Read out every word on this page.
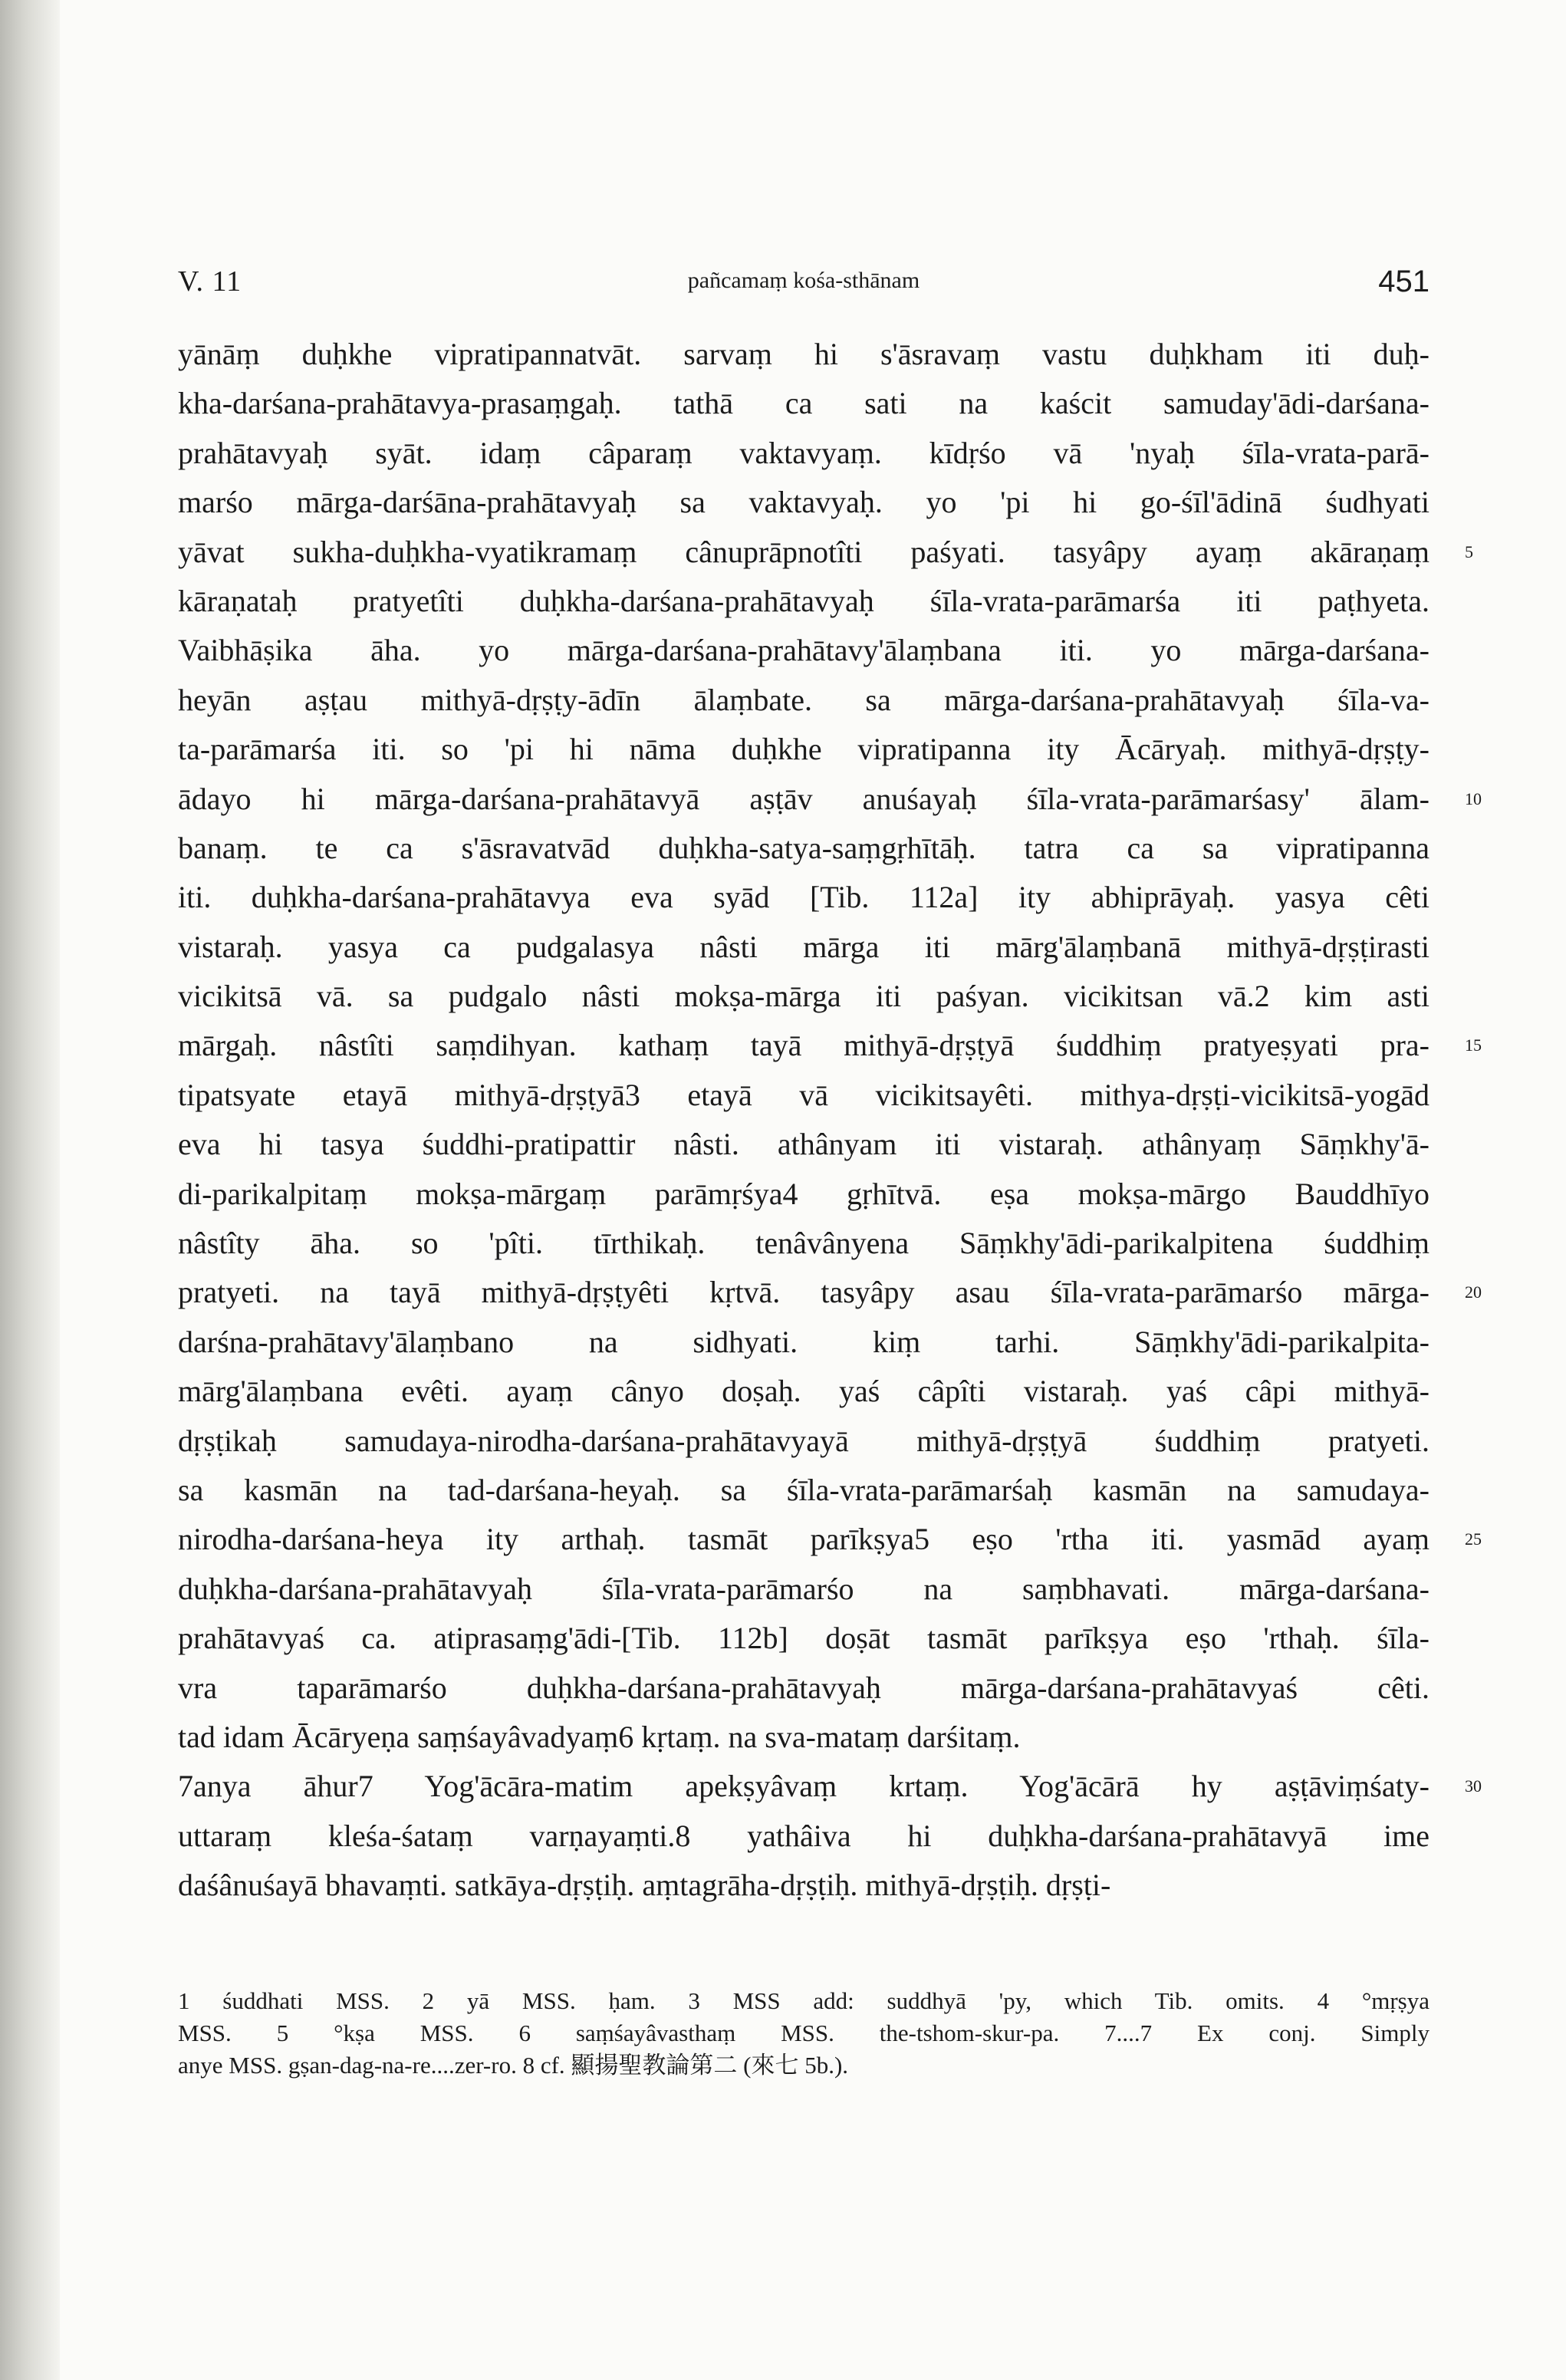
V. 11	pañcamaṃ kośa-sthānam	451
yānāṃ duḥkhe vipratipannatvāt. sarvaṃ hi s'āsravaṃ vastu duḥkham iti duḥ-
kha-darśana-prahātavya-prasaṃgaḥ. tathā ca sati na kaścit samuday'ādi-darśana-
prahātavyaḥ syāt. idaṃ câparaṃ vaktavyaṃ. kīdṛśo vā 'nyaḥ śīla-vrata-parā-
marśo mārga-darśāna-prahātavyaḥ sa vaktavyaḥ. yo 'pi hi go-śīl'ādinā śudhyati
yāvat sukha-duḥkha-vyatikramaṃ cânuprāpnotîti paśyati. tasyâpy ayaṃ akāraṇaṃ 5
kāraṇataḥ pratyetîti duḥkha-darśana-prahātavyaḥ śīla-vrata-parāmarśa iti paṭhyeta.
Vaibhāṣika āha. yo mārga-darśana-prahātavy'ālaṃbana iti. yo mārga-darśana-
heyān aṣṭau mithyā-dṛṣṭy-ādīn ālaṃbate. sa mārga-darśana-prahātavyaḥ śīla-va-
ta-parāmarśa iti. so 'pi hi nāma duḥkhe vipratipanna ity Ācāryaḥ. mithyā-dṛṣṭy-
ādayo hi mārga-darśana-prahātavyā aṣṭāv anuśayaḥ śīla-vrata-parāmarśasy' ālam- 10
banaṃ. te ca s'āsravatvād duḥkha-satya-saṃgṛhītāḥ. tatra ca sa vipratipanna
iti. duḥkha-darśana-prahātavya eva syād [Tib. 112a] ity abhiprāyaḥ. yasya cêti
vistaraḥ. yasya ca pudgalasya nâsti mārga iti mārg'ālaṃbanā mithyā-dṛṣṭirasti
vicikitsā vā. sa pudgalo nâsti mokṣa-mārga iti paśyan. vicikitsan vā.2 kim asti
mārgaḥ. nâstîti saṃdihyan. kathaṃ tayā mithyā-dṛṣṭyā śuddhiṃ pratyeṣyati pra- 15
tipatsyate etayā mithyā-dṛṣṭyā3 etayā vā vicikitsayêti. mithya-dṛṣṭi-vicikitsā-yogād
eva hi tasya śuddhi-pratipattir nâsti. athânyam iti vistaraḥ. athânyaṃ Sāṃkhy'ā-
di-parikalpitaṃ mokṣa-mārgaṃ parāmṛśya4 gṛhītvā. eṣa mokṣa-mārgo Bauddhīyo
nâstîty āha. so 'pîti. tīrthikaḥ. tenâvânyena Sāṃkhy'ādi-parikalpitena śuddhiṃ
pratyeti. na tayā mithyā-dṛṣṭyêti kṛtvā. tasyâpy asau śīla-vrata-parāmarśo mārga- 20
darśna-prahātavy'ālaṃbano na sidhyati. kiṃ tarhi. Sāṃkhy'ādi-parikalpita-
mārg'ālaṃbana evêti. ayaṃ cânyo doṣaḥ. yaś câpîti vistaraḥ. yaś câpi mithyā-
dṛṣṭikaḥ samudaya-nirodha-darśana-prahātavyayā mithyā-dṛṣṭyā śuddhiṃ pratyeti.
sa kasmān na tad-darśana-heyaḥ. sa śīla-vrata-parāmarśaḥ kasmān na samudaya-
nirodha-darśana-heya ity arthaḥ. tasmāt parīkṣya5 eṣo 'rtha iti. yasmād ayaṃ 25
duḥkha-darśana-prahātavyaḥ śīla-vrata-parāmarśo na saṃbhavati. mārga-darśana-
prahātavyaś ca. atiprasaṃg'ādi-[Tib. 112b] doṣāt tasmāt parīkṣya eṣo 'rthaḥ. śīla-
vra taparāmarśo duḥkha-darśana-prahātavyaḥ mārga-darśana-prahātavyaś cêti.
tad idam Ācāryeṇa saṃśayâvadyaṃ6 kṛtaṃ. na sva-mataṃ darśitaṃ.
7anya āhur7 Yog'ācāra-matim apekṣyâvaṃ krtaṃ. Yog'ācārā hy aṣṭāviṃśaty- 30
uttaraṃ kleśa-śataṃ varṇayaṃti.8 yathâiva hi duḥkha-darśana-prahātavyā ime
daśânuśayā bhavaṃti. satkāya-dṛṣṭiḥ. aṃtagrāha-dṛṣṭiḥ. mithyā-dṛṣṭiḥ. dṛṣṭi-
1 śuddhati MSS. 2 yā MSS. ḥam. 3 MSS add: suddhyā 'py, which Tib. omits. 4 °mṛṣya
MSS. 5 °kṣa MSS. 6 saṃśayâvasthaṃ MSS. the-tshom-skur-pa. 7....7 Ex conj. Simply
anye MSS. gṣan-dag-na-re....zer-ro. 8 cf. 顯揚聖教論第二 (來七 5b.).
